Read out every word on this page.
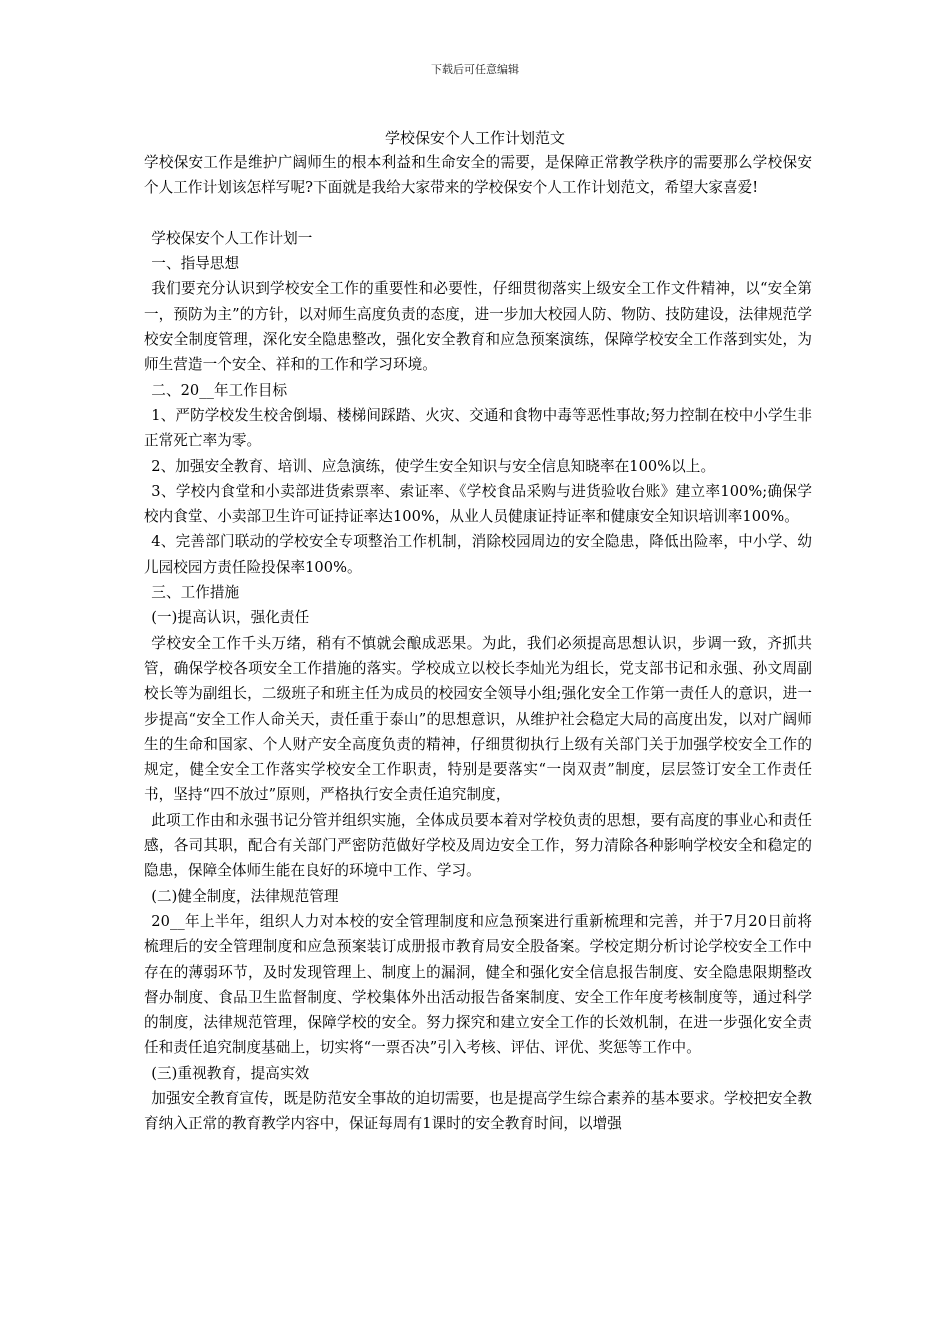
下载后可任意编辑
学校保安个人工作计划范文

学校保安工作是维护广阔师生的根本利益和生命安全的需要，是保障正常教学秩序的需要那么学校保安个人工作计划该怎样写呢?下面就是我给大家带来的学校保安个人工作计划范文，希望大家喜爱!

学校保安个人工作计划一

一、指导思想

我们要充分认识到学校安全工作的重要性和必要性，仔细贯彻落实上级安全工作文件精神，以“安全第一，预防为主”的方针，以对师生高度负责的态度，进一步加大校园人防、物防、技防建设，法律规范学校安全制度管理，深化安全隐患整改，强化安全教育和应急预案演练，保障学校安全工作落到实处，为师生营造一个安全、祥和的工作和学习环境。

二、20__年工作目标

1、严防学校发生校舍倒塌、楼梯间踩踏、火灾、交通和食物中毒等恶性事故;努力控制在校中小学生非正常死亡率为零。

2、加强安全教育、培训、应急演练，使学生安全知识与安全信息知晓率在100%以上。

3、学校内食堂和小卖部进货索票率、索证率、《学校食品采购与进货验收台账》建立率100%;确保学校内食堂、小卖部卫生许可证持证率达100%，从业人员健康证持证率和健康安全知识培训率100%。

4、完善部门联动的学校安全专项整治工作机制，消除校园周边的安全隐患，降低出险率，中小学、幼儿园校园方责任险投保率100%。

三、工作措施

(一)提高认识，强化责任

学校安全工作千头万绪，稍有不慎就会酿成恶果。为此，我们必须提高思想认识，步调一致，齐抓共管，确保学校各项安全工作措施的落实。学校成立以校长李灿光为组长，党支部书记和永强、孙文周副校长等为副组长，二级班子和班主任为成员的校园安全领导小组;强化安全工作第一责任人的意识，进一步提高“安全工作人命关天，责任重于泰山”的思想意识，从维护社会稳定大局的高度出发，以对广阔师生的生命和国家、个人财产安全高度负责的精神，仔细贯彻执行上级有关部门关于加强学校安全工作的规定，健全安全工作落实学校安全工作职责，特别是要落实“一岗双责”制度，层层签订安全工作责任书，坚持“四不放过”原则，严格执行安全责任追究制度，

此项工作由和永强书记分管并组织实施，全体成员要本着对学校负责的思想，要有高度的事业心和责任感，各司其职，配合有关部门严密防范做好学校及周边安全工作，努力清除各种影响学校安全和稳定的隐患，保障全体师生能在良好的环境中工作、学习。

(二)健全制度，法律规范管理

20__年上半年，组织人力对本校的安全管理制度和应急预案进行重新梳理和完善，并于7月20日前将梳理后的安全管理制度和应急预案装订成册报市教育局安全股备案。学校定期分析讨论学校安全工作中存在的薄弱环节，及时发现管理上、制度上的漏洞，健全和强化安全信息报告制度、安全隐患限期整改督办制度、食品卫生监督制度、学校集体外出活动报告备案制度、安全工作年度考核制度等，通过科学的制度，法律规范管理，保障学校的安全。努力探究和建立安全工作的长效机制，在进一步强化安全责任和责任追究制度基础上，切实将“一票否决”引入考核、评估、评优、奖惩等工作中。

(三)重视教育，提高实效

加强安全教育宣传，既是防范安全事故的迫切需要，也是提高学生综合素养的基本要求。学校把安全教育纳入正常的教育教学内容中，保证每周有1课时的安全教育时间，以增强
